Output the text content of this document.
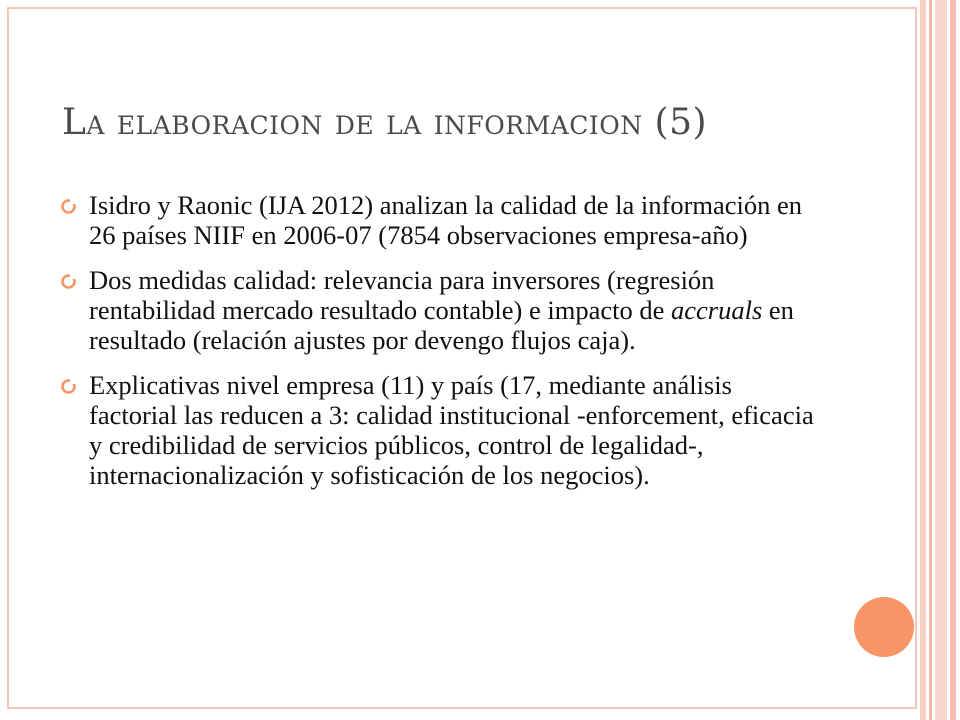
La elaboracion de la informacion (5)
Isidro y Raonic (IJA 2012) analizan la calidad de la información en 26 países NIIF en 2006-07 (7854 observaciones empresa-año)
Dos medidas calidad: relevancia para inversores (regresión rentabilidad mercado resultado contable) e impacto de accruals en resultado (relación ajustes por devengo flujos caja).
Explicativas nivel empresa (11) y país (17, mediante análisis factorial las reducen a 3: calidad institucional -enforcement, eficacia y credibilidad de servicios públicos, control de legalidad-, internacionalización y sofisticación de los negocios).
